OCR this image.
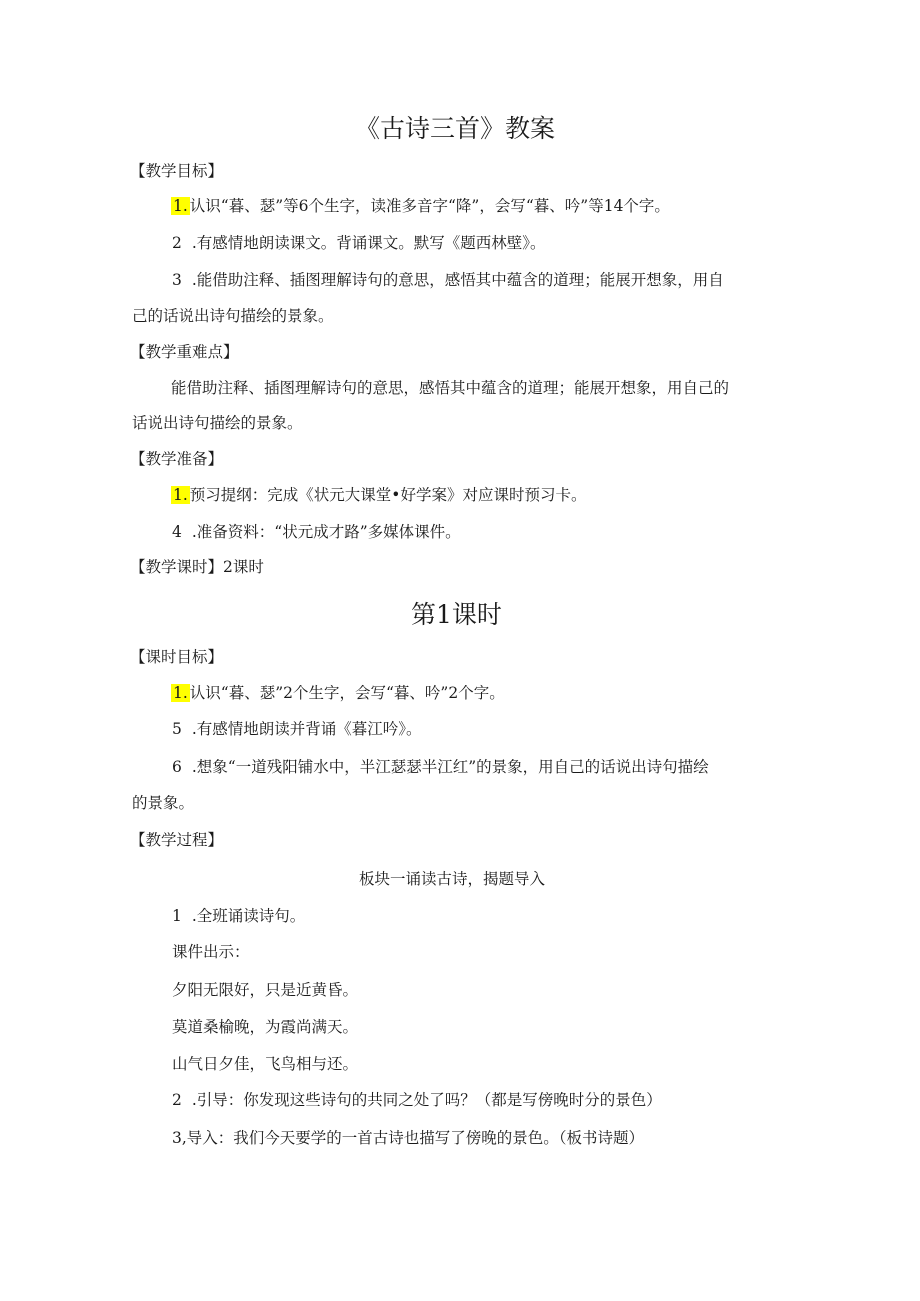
《古诗三首》教案
【教学目标】
1. 认识“暮、瑟”等6个生字，读准多音字“降”，会写“暮、吟”等14个字。
2 .有感情地朗读课文。背诵课文。默写《题西林壁》。
3 .能借助注释、插图理解诗句的意思，感悟其中蕴含的道理；能展开想象，用自
己的话说出诗句描绘的景象。
【教学重难点】
能借助注释、插图理解诗句的意思，感悟其中蕴含的道理；能展开想象，用自己的
话说出诗句描绘的景象。
【教学准备】
1. 预习提纲：完成《状元大课堂•好学案》对应课时预习卡。
4 .准备资料：“状元成才路”多媒体课件。
【教学课时】2课时
第1课时
【课时目标】
1. 认识“暮、瑟”2个生字，会写“暮、吟”2个字。
5 .有感情地朗读并背诵《暮江吟》。
6 .想象“一道残阳铺水中，半江瑟瑟半江红”的景象，用自己的话说出诗句描绘
的景象。
【教学过程】
板块一诵读古诗，揭题导入
1 .全班诵读诗句。
课件出示：
夕阳无限好，只是近黄昏。
莫道桑榆晚，为霞尚满天。
山气日夕佳，飞鸟相与还。
2 .引导：你发现这些诗句的共同之处了吗？（都是写傍晚时分的景色）
3,导入：我们今天要学的一首古诗也描写了傍晚的景色。（板书诗题）
